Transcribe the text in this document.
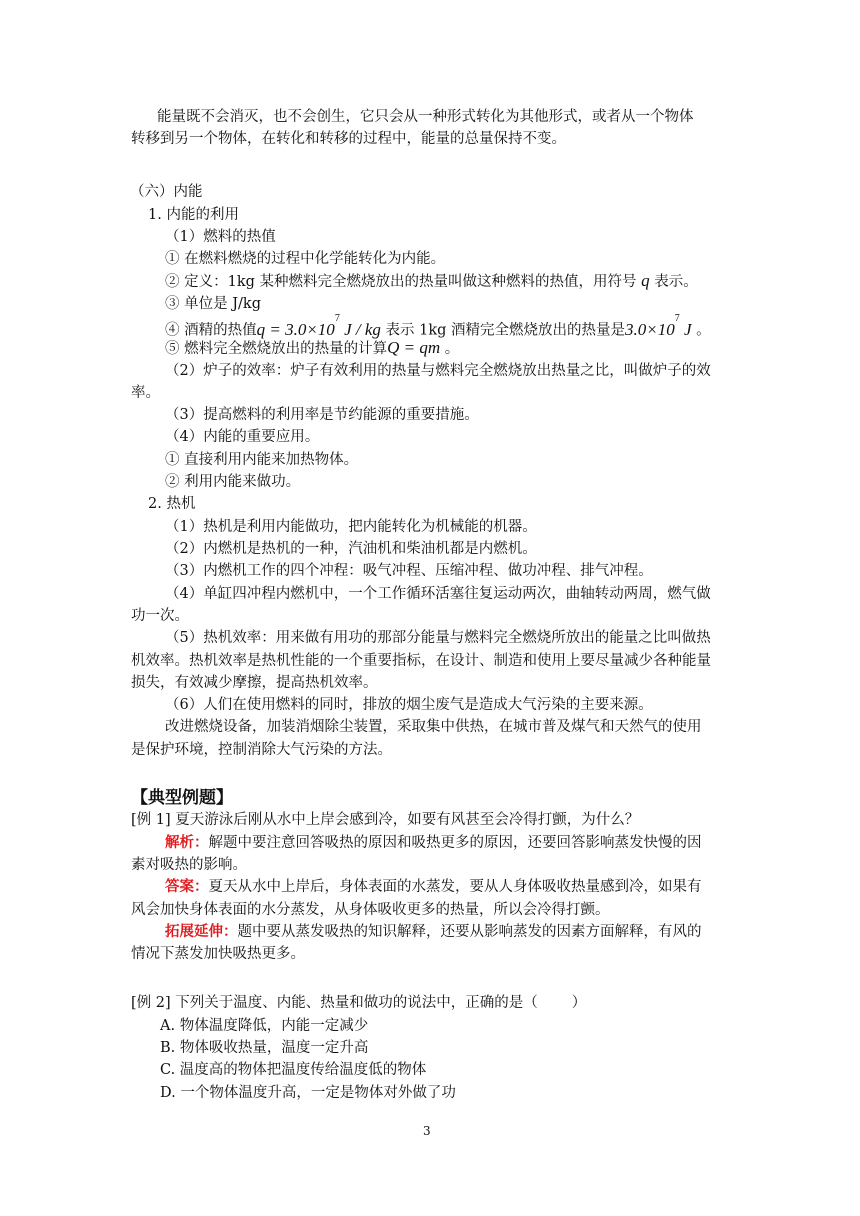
能量既不会消灭，也不会创生，它只会从一种形式转化为其他形式，或者从一个物体
转移到另一个物体，在转化和转移的过程中，能量的总量保持不变。
（六）内能
1. 内能的利用
（1）燃料的热值
① 在燃料燃烧的过程中化学能转化为内能。
② 定义：1kg 某种燃料完全燃烧放出的热量叫做这种燃料的热值，用符号 q 表示。
③ 单位是 J/kg
④ 酒精的热值$q = 3.0\times 10^7$ J / kg 表示 1kg 酒精完全燃烧放出的热量是$3.0\times 10^7$ J 。
⑤ 燃料完全燃烧放出的热量的计算Q = qm 。
（2）炉子的效率：炉子有效利用的热量与燃料完全燃烧放出热量之比，叫做炉子的效
率。
（3）提高燃料的利用率是节约能源的重要措施。
（4）内能的重要应用。
① 直接利用内能来加热物体。
② 利用内能来做功。
2. 热机
（1）热机是利用内能做功，把内能转化为机械能的机器。
（2）内燃机是热机的一种，汽油机和柴油机都是内燃机。
（3）内燃机工作的四个冲程：吸气冲程、压缩冲程、做功冲程、排气冲程。
（4）单缸四冲程内燃机中，一个工作循环活塞往复运动两次，曲轴转动两周，燃气做
功一次。
（5）热机效率：用来做有用功的那部分能量与燃料完全燃烧所放出的能量之比叫做热
机效率。热机效率是热机性能的一个重要指标，在设计、制造和使用上要尽量减少各种能量
损失，有效减少摩擦，提高热机效率。
（6）人们在使用燃料的同时，排放的烟尘废气是造成大气污染的主要来源。
改进燃烧设备，加装消烟除尘装置，采取集中供热，在城市普及煤气和天然气的使用
是保护环境，控制消除大气污染的方法。
【典型例题】
[例 1] 夏天游泳后刚从水中上岸会感到冷，如要有风甚至会冷得打颤，为什么？
解析：解题中要注意回答吸热的原因和吸热更多的原因，还要回答影响蒸发快慢的因
素对吸热的影响。
答案：夏天从水中上岸后，身体表面的水蒸发，要从人身体吸收热量感到冷，如果有
风会加快身体表面的水分蒸发，从身体吸收更多的热量，所以会冷得打颤。
拓展延伸：题中要从蒸发吸热的知识解释，还要从影响蒸发的因素方面解释，有风的
情况下蒸发加快吸热更多。
[例 2] 下列关于温度、内能、热量和做功的说法中，正确的是（ ）
A. 物体温度降低，内能一定减少
B. 物体吸收热量，温度一定升高
C. 温度高的物体把温度传给温度低的物体
D. 一个物体温度升高，一定是物体对外做了功
3
